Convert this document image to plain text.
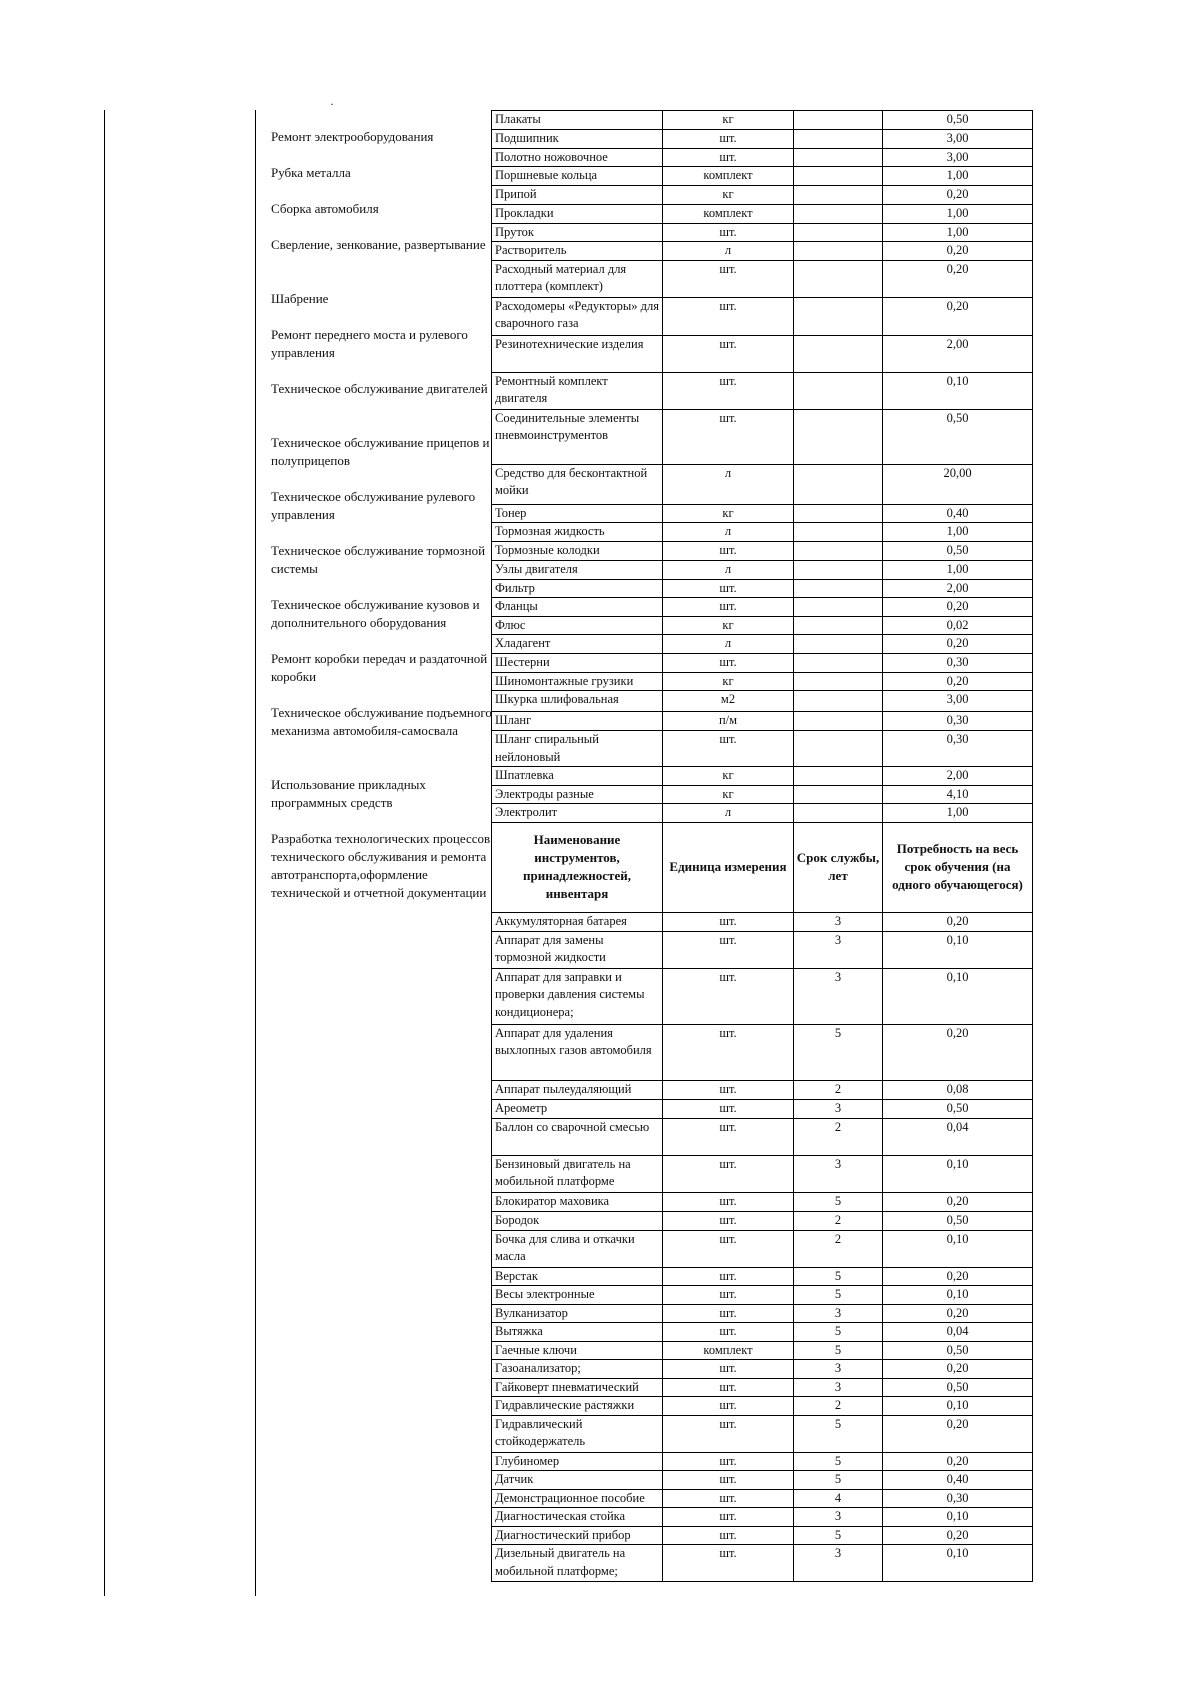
·
Ремонт электрооборудования
Рубка металла
Сборка автомобиля
Сверление, зенкование, развертывание
Шабрение
Ремонт переднего моста и рулевого управления
Техническое обслуживание двигателей
Техническое обслуживание прицепов и полуприцепов
Техническое обслуживание рулевого управления
Техническое обслуживание тормозной системы
Техническое обслуживание кузовов и дополнительного оборудования
Ремонт коробки передач и раздаточной коробки
Техническое обслуживание подъемного механизма автомобиля-самосвала
Использование прикладных программных средств
Разработка технологических процессов технического обслуживания и ремонта автотранспорта,оформление технической и отчетной документации
Плакаты	кг		0,50
Подшипник	шт.		3,00
Полотно ножовочное	шт.		3,00
Поршневые кольца	комплект		1,00
Припой	кг		0,20
Прокладки	комплект		1,00
Пруток	шт.		1,00
Растворитель	л		0,20
Расходный материал для плоттера (комплект)	шт.		0,20
Расходомеры «Редукторы» для сварочного газа	шт.		0,20
Резинотехнические изделия	шт.		2,00
Ремонтный комплект двигателя	шт.		0,10
Соединительные элементы пневмоинструментов	шт.		0,50
Средство для бесконтактной мойки	л		20,00
Тонер	кг		0,40
Тормозная жидкость	л		1,00
Тормозные колодки	шт.		0,50
Узлы двигателя	л		1,00
Фильтр	шт.		2,00
Фланцы	шт.		0,20
Флюс	кг		0,02
Хладагент	л		0,20
Шестерни	шт.		0,30
Шиномонтажные грузики	кг		0,20
Шкурка шлифовальная	м2		3,00
Шланг	п/м		0,30
Шланг спиральный нейлоновый	шт.		0,30
Шпатлевка	кг		2,00
Электроды разные	кг		4,10
Электролит	л		1,00
Наименование инструментов, принадлежностей, инвентаря	Единица измерения	Срок службы, лет	Потребность на весь срок обучения (на одного обучающегося)
Аккумуляторная батарея	шт.	3	0,20
Аппарат для замены тормозной жидкости	шт.	3	0,10
Аппарат для заправки и проверки давления системы кондиционера;	шт.	3	0,10
Аппарат для удаления выхлопных газов автомобиля	шт.	5	0,20
Аппарат пылеудаляющий	шт.	2	0,08
Ареометр	шт.	3	0,50
Баллон со сварочной смесью	шт.	2	0,04
Бензиновый двигатель на мобильной платформе	шт.	3	0,10
Блокиратор маховика	шт.	5	0,20
Бородок	шт.	2	0,50
Бочка для слива и откачки масла	шт.	2	0,10
Верстак	шт.	5	0,20
Весы электронные	шт.	5	0,10
Вулканизатор	шт.	3	0,20
Вытяжка	шт.	5	0,04
Гаечные ключи	комплект	5	0,50
Газоанализатор;	шт.	3	0,20
Гайковерт пневматический	шт.	3	0,50
Гидравлические растяжки	шт.	2	0,10
Гидравлический стойкодержатель	шт.	5	0,20
Глубиномер	шт.	5	0,20
Датчик	шт.	5	0,40
Демонстрационное пособие	шт.	4	0,30
Диагностическая стойка	шт.	3	0,10
Диагностический прибор	шт.	5	0,20
Дизельный двигатель на мобильной платформе;	шт.	3	0,10
